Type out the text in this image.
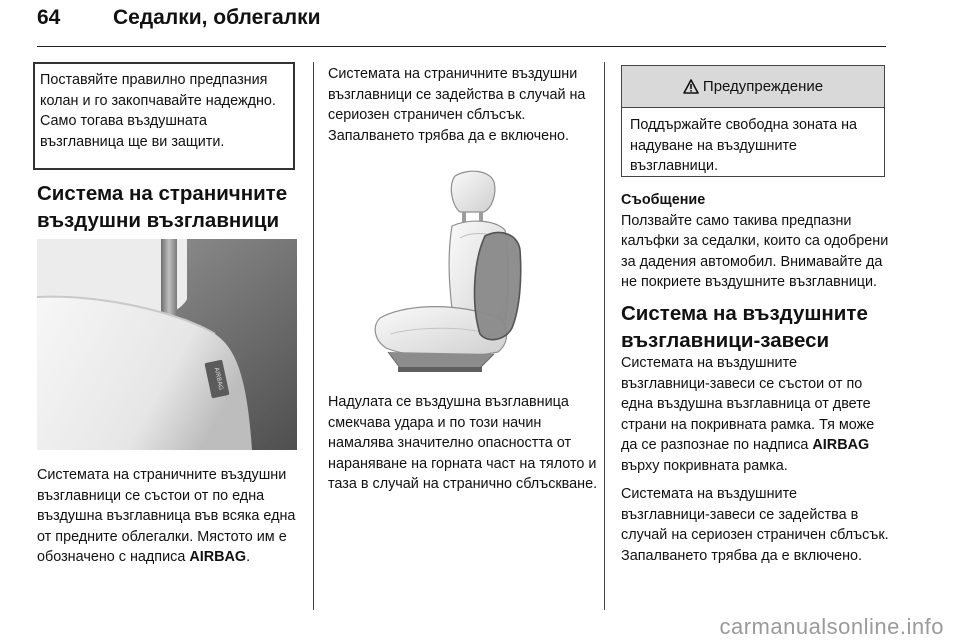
64	Седалки, облегалки
Поставяйте правилно предпазния колан и го закопчавайте надеждно. Само тогава въздушната възглавница ще ви защити.
Система на страничните въздушни възглавници
AIRBAG

Системата на страничните въздушни възглавници се състои от по една въздушна възглавница във всяка една от предните облегалки. Мястото им е обозначено с надписа AIRBAG.

Системата на страничните въздушни възглавници се задейства в случай на сериозен страничен сблъсък. Запалването трябва да е включено.

Надулата се въздушна възглавница смекчава удара и по този начин намалява значително опасността от нараняване на горната част на тялото и таза в случай на странично сблъскване.

Предупреждение
Поддържайте свободна зоната на надуване на въздушните възглавници.

Съобщение
Ползвайте само такива предпазни калъфки за седалки, които са одобрени за дадения автомобил. Внимавайте да не покриете въздушните възглавници.

Система на въздушните възглавници-завеси

Системата на въздушните възглавници-завеси се състои от по една въздушна възглавница от двете страни на покривната рамка. Тя може да се разпознае по надписа AIRBAG върху покривната рамка.

Системата на въздушните възглавници-завеси се задейства в случай на сериозен страничен сблъсък. Запалването трябва да е включено.

carmanualsonline.info
